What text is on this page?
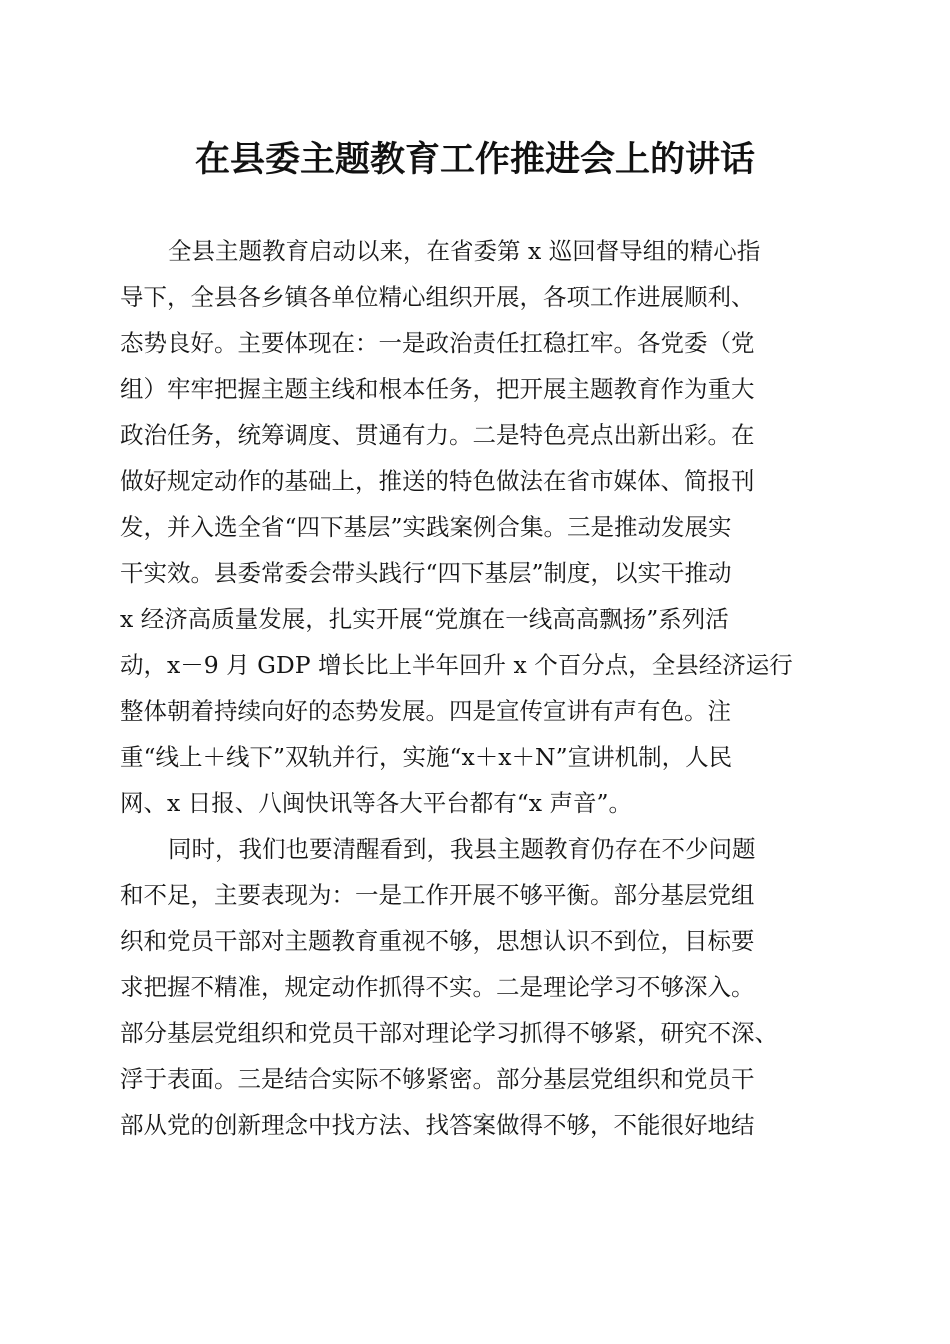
在县委主题教育工作推进会上的讲话

全县主题教育启动以来，在省委第 x 巡回督导组的精心指
导下，全县各乡镇各单位精心组织开展，各项工作进展顺利、
态势良好。主要体现在：一是政治责任扛稳扛牢。各党委（党
组）牢牢把握主题主线和根本任务，把开展主题教育作为重大
政治任务，统筹调度、贯通有力。二是特色亮点出新出彩。在
做好规定动作的基础上，推送的特色做法在省市媒体、简报刊
发，并入选全省“四下基层”实践案例合集。三是推动发展实
干实效。县委常委会带头践行“四下基层”制度，以实干推动
x 经济高质量发展，扎实开展“党旗在一线高高飘扬”系列活
动，x－9 月 GDP 增长比上半年回升 x 个百分点，全县经济运行
整体朝着持续向好的态势发展。四是宣传宣讲有声有色。注
重“线上＋线下”双轨并行，实施“x＋x＋N”宣讲机制，人民
网、x 日报、八闽快讯等各大平台都有“x 声音”。

同时，我们也要清醒看到，我县主题教育仍存在不少问题
和不足，主要表现为：一是工作开展不够平衡。部分基层党组
织和党员干部对主题教育重视不够，思想认识不到位，目标要
求把握不精准，规定动作抓得不实。二是理论学习不够深入。
部分基层党组织和党员干部对理论学习抓得不够紧，研究不深、
浮于表面。三是结合实际不够紧密。部分基层党组织和党员干
部从党的创新理念中找方法、找答案做得不够，不能很好地结
